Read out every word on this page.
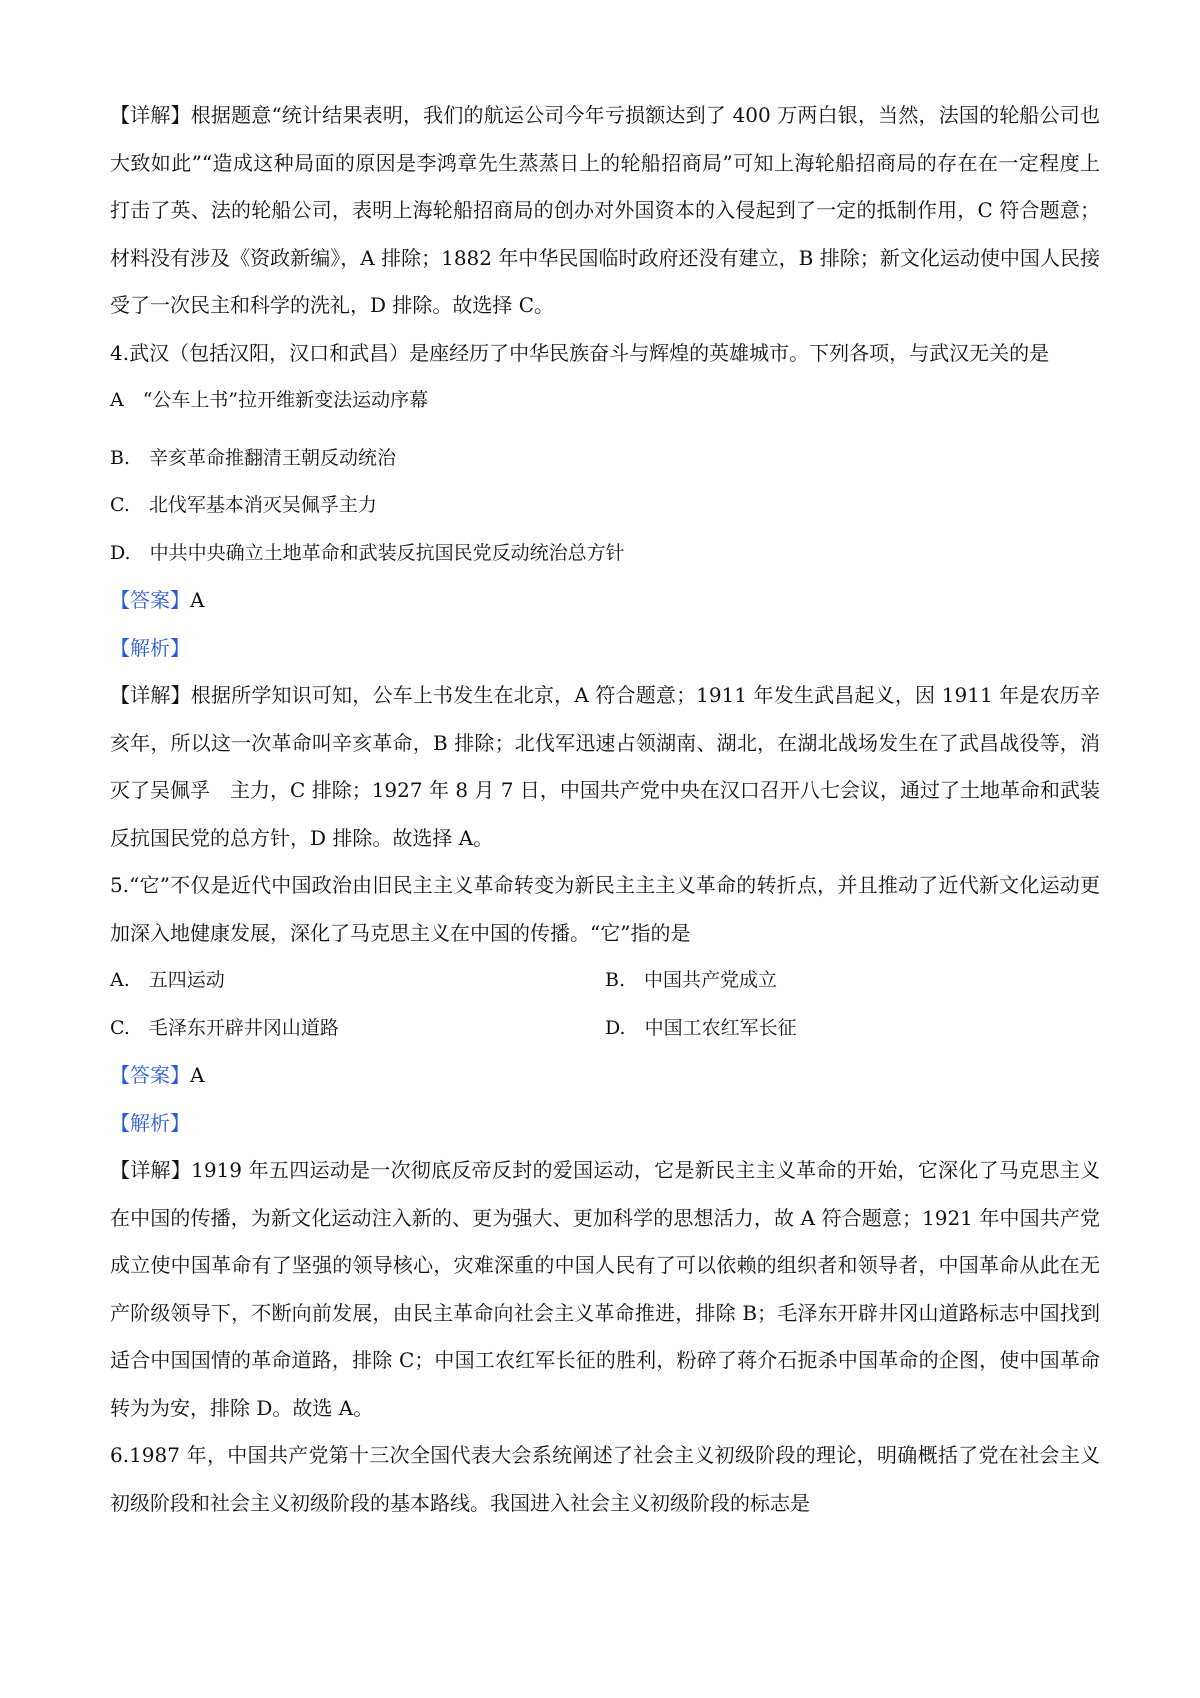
【详解】根据题意“统计结果表明，我们的航运公司今年亏损额达到了 400 万两白银，当然，法国的轮船公司也大致如此”“造成这种局面的原因是李鸿章先生蒸蒸日上的轮船招商局”可知上海轮船招商局的存在在一定程度上打击了英、法的轮船公司，表明上海轮船招商局的创办对外国资本的入侵起到了一定的抵制作用，C 符合题意；材料没有涉及《资政新编》，A 排除；1882 年中华民国临时政府还没有建立，B 排除；新文化运动使中国人民接受了一次民主和科学的洗礼，D 排除。故选择 C。

4.武汉（包括汉阳，汉口和武昌）是座经历了中华民族奋斗与辉煌的英雄城市。下列各项，与武汉无关的是

A　“公车上书”拉开维新变法运动序幕

B.　辛亥革命推翻清王朝反动统治

C.　北伐军基本消灭吴佩孚主力

D.　中共中央确立土地革命和武装反抗国民党反动统治总方针

【答案】A

【解析】

【详解】根据所学知识可知，公车上书发生在北京，A 符合题意；1911 年发生武昌起义，因 1911 年是农历辛亥年，所以这一次革命叫辛亥革命，B 排除；北伐军迅速占领湖南、湖北，在湖北战场发生在了武昌战役等，消灭了吴佩孚　主力，C 排除；1927 年 8 月 7 日，中国共产党中央在汉口召开八七会议，通过了土地革命和武装反抗国民党的总方针，D 排除。故选择 A。

5.“它”不仅是近代中国政治由旧民主主义革命转变为新民主主主义革命的转折点，并且推动了近代新文化运动更加深入地健康发展，深化了马克思主义在中国的传播。“它”指的是

A.　五四运动	B.　中国共产党成立
C.　毛泽东开辟井冈山道路	D.　中国工农红军长征

【答案】A

【解析】

【详解】1919 年五四运动是一次彻底反帝反封的爱国运动，它是新民主主义革命的开始，它深化了马克思主义在中国的传播，为新文化运动注入新的、更为强大、更加科学的思想活力，故 A 符合题意；1921 年中国共产党成立使中国革命有了坚强的领导核心，灾难深重的中国人民有了可以依赖的组织者和领导者，中国革命从此在无产阶级领导下，不断向前发展，由民主革命向社会主义革命推进，排除 B；毛泽东开辟井冈山道路标志中国找到适合中国国情的革命道路，排除 C；中国工农红军长征的胜利，粉碎了蒋介石扼杀中国革命的企图，使中国革命转为为安，排除 D。故选 A。

6.1987 年，中国共产党第十三次全国代表大会系统阐述了社会主义初级阶段的理论，明确概括了党在社会主义初级阶段和社会主义初级阶段的基本路线。我国进入社会主义初级阶段的标志是
